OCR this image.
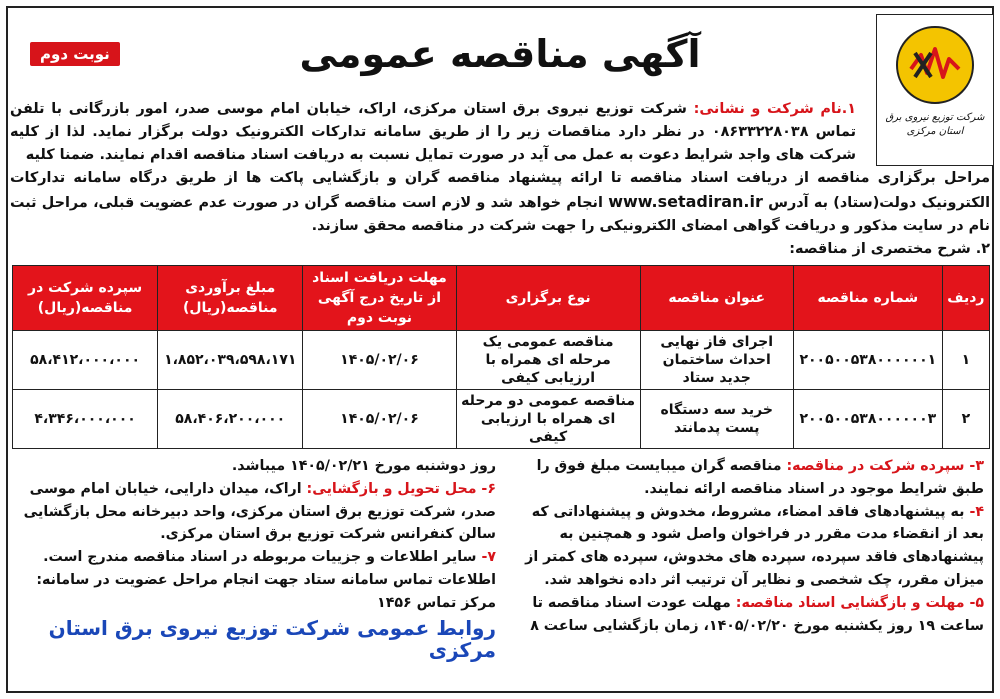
شرکت توزیع نیروی برق استان مرکزی
آگهی مناقصه عمومی
نوبت دوم
۱.نام شرکت و نشانی: شرکت توزیع نیروی برق استان مرکزی، اراک، خیابان امام موسی صدر، امور بازرگانی با تلفن تماس ۰۸۶۳۳۲۲۸۰۳۸ در نظر دارد مناقصات زیر را از طریق سامانه تدارکات الکترونیک دولت برگزار نماید. لذا از کلیه شرکت های واجد شرایط دعوت به عمل می آید در صورت تمایل نسبت به دریافت اسناد مناقصه اقدام نمایند. ضمنا کلیه
مراحل برگزاری مناقصه از دریافت اسناد مناقصه تا ارائه پیشنهاد مناقصه گران و بازگشایی پاکت ها از طریق درگاه سامانه تدارکات الکترونیک دولت(ستاد) به آدرس www.setadiran.ir انجام خواهد شد و لازم است مناقصه گران در صورت عدم عضویت قبلی، مراحل ثبت نام در سایت مذکور و دریافت گواهی امضای الکترونیکی را جهت شرکت در مناقصه محقق سازند.
۲. شرح مختصری از مناقصه:
ردیف	شماره مناقصه	عنوان مناقصه	نوع برگزاری	مهلت دریافت اسناد از تاریخ درج آگهی نوبت دوم	مبلغ برآوردی مناقصه(ریال)	سپرده شرکت در مناقصه(ریال)
۱	۲۰۰۵۰۰۵۳۸۰۰۰۰۰۰۱	اجرای فاز نهایی احداث ساختمان جدید ستاد	مناقصه عمومی یک مرحله ای همراه با ارزیابی کیفی	۱۴۰۵/۰۲/۰۶	۱،۸۵۲،۰۳۹،۵۹۸،۱۷۱	۵۸،۴۱۲،۰۰۰،۰۰۰
۲	۲۰۰۵۰۰۵۳۸۰۰۰۰۰۰۳	خرید سه دستگاه پست پدمانتد	مناقصه عمومی دو مرحله ای همراه با ارزیابی کیفی	۱۴۰۵/۰۲/۰۶	۵۸،۴۰۶،۲۰۰،۰۰۰	۴،۳۴۶،۰۰۰،۰۰۰
۳- سپرده شرکت در مناقصه: مناقصه گران میبایست مبلغ فوق را طبق شرایط موجود در اسناد مناقصه ارائه نمایند.
۴- به پیشنهادهای فاقد امضاء، مشروط، مخدوش و پیشنهاداتی که بعد از انقضاء مدت مقرر در فراخوان واصل شود و همچنین به پیشنهادهای فاقد سپرده، سپرده های مخدوش، سپرده های کمتر از میزان مقرر، چک شخصی و نظایر آن ترتیب اثر داده نخواهد شد.
۵- مهلت و بازگشایی اسناد مناقصه: مهلت عودت اسناد مناقصه تا ساعت ۱۹ روز یکشنبه مورخ ۱۴۰۵/۰۲/۲۰، زمان بازگشایی ساعت ۸
روز دوشنبه مورخ ۱۴۰۵/۰۲/۲۱ میباشد.
۶- محل تحویل و بازگشایی: اراک، میدان دارایی، خیابان امام موسی صدر، شرکت توزیع برق استان مرکزی، واحد دبیرخانه محل بازگشایی سالن کنفرانس شرکت توزیع برق استان مرکزی.
۷- سایر اطلاعات و جزییات مربوطه در اسناد مناقصه مندرج است.
اطلاعات تماس سامانه ستاد جهت انجام مراحل عضویت در سامانه: مرکز تماس ۱۴۵۶
روابط عمومی شرکت توزیع نیروی برق استان مرکزی
